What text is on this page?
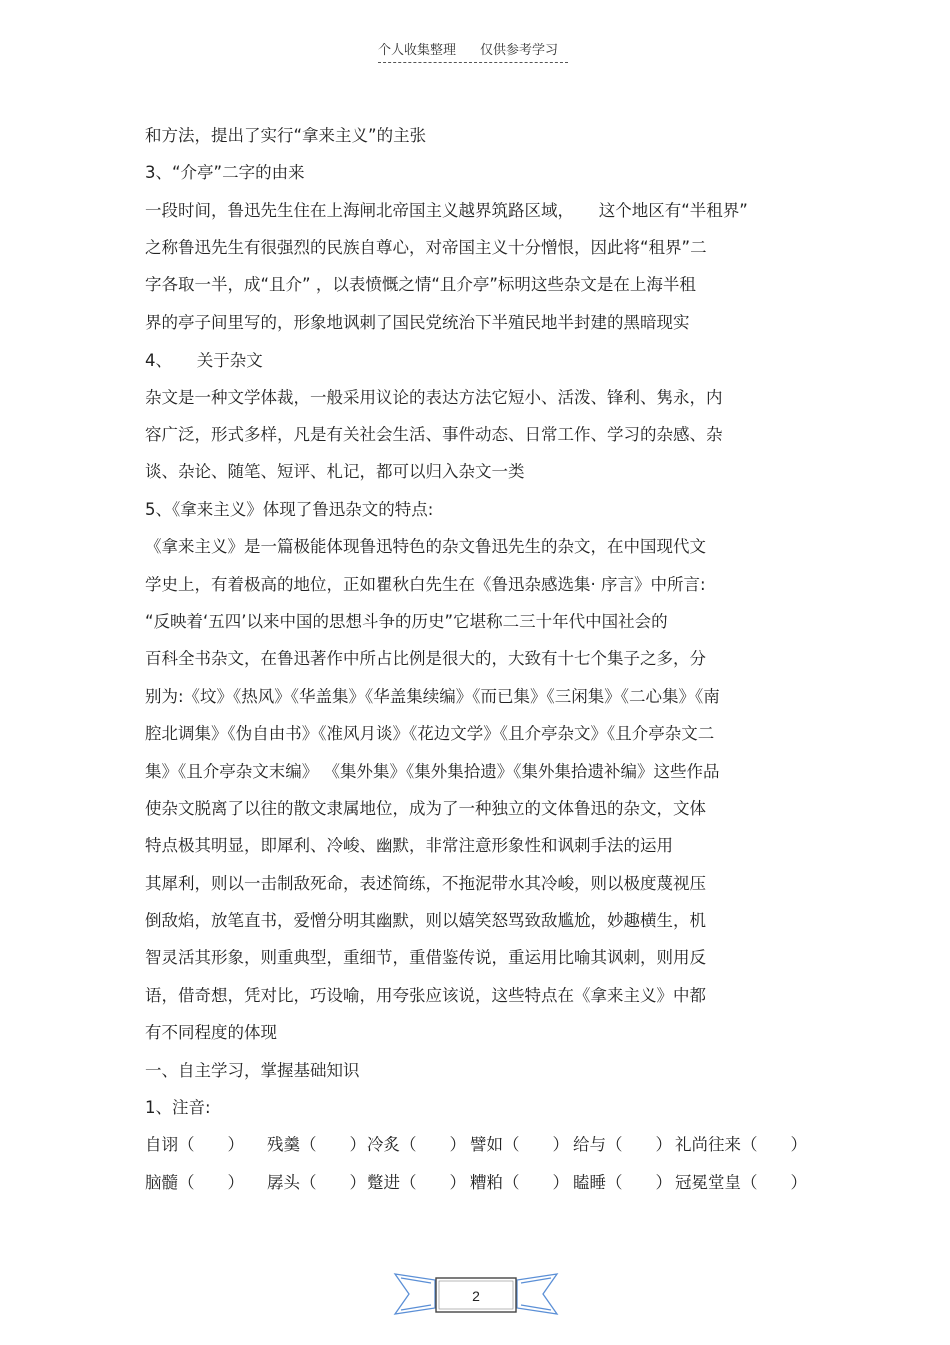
个人收集整理 仅供参考学习
和方法，提出了实行“拿来主义”的主张
3、“介亭”二字的由来
一段时间，鲁迅先生住在上海闸北帝国主义越界筑路区域，　　这个地区有“半租界”
之称鲁迅先生有很强烈的民族自尊心，对帝国主义十分憎恨，因此将“租界”二
字各取一半，成“且介” ，以表愤慨之情“且介亭”标明这些杂文是在上海半租
界的亭子间里写的，形象地讽刺了国民党统治下半殖民地半封建的黑暗现实
4、　　关于杂文
杂文是一种文学体裁，一般采用议论的表达方法它短小、活泼、锋利、隽永，内
容广泛，形式多样，凡是有关社会生活、事件动态、日常工作、学习的杂感、杂
谈、杂论、随笔、短评、札记，都可以归入杂文一类
5、《拿来主义》体现了鲁迅杂文的特点:
《拿来主义》是一篇极能体现鲁迅特色的杂文鲁迅先生的杂文，在中国现代文
学史上，有着极高的地位，正如瞿秋白先生在《鲁迅杂感选集· 序言》中所言:
“反映着‘五四’以来中国的思想斗争的历史”它堪称二三十年代中国社会的
百科全书杂文，在鲁迅著作中所占比例是很大的，大致有十七个集子之多，分
别为:《坟》《热风》《华盖集》《华盖集续编》《而已集》《三闲集》《二心集》《南
腔北调集》《伪自由书》《准风月谈》《花边文学》《且介亭杂文》《且介亭杂文二
集》《且介亭杂文末编》 《集外集》《集外集拾遗》《集外集拾遗补编》这些作品
使杂文脱离了以往的散文隶属地位，成为了一种独立的文体鲁迅的杂文，文体
特点极其明显，即犀利、冷峻、幽默，非常注意形象性和讽刺手法的运用
其犀利，则以一击制敌死命，表述简练，不拖泥带水其冷峻，则以极度蔑视压
倒敌焰，放笔直书，爱憎分明其幽默，则以嬉笑怒骂致敌尴尬，妙趣横生，机
智灵活其形象，则重典型，重细节，重借鉴传说，重运用比喻其讽刺，则用反
语，借奇想，凭对比，巧设喻，用夸张应该说，这些特点在《拿来主义》中都
有不同程度的体现
一、自主学习，掌握基础知识
1、注音:
自诩（　　） 残羹（　　） 冷炙（　　） 譬如（　　） 给与（　　） 礼尚往来（　　）
脑髓（　　） 孱头（　　） 蹩进（　　） 糟粕（　　） 瞌睡（　　） 冠冕堂皇（　　）
2
